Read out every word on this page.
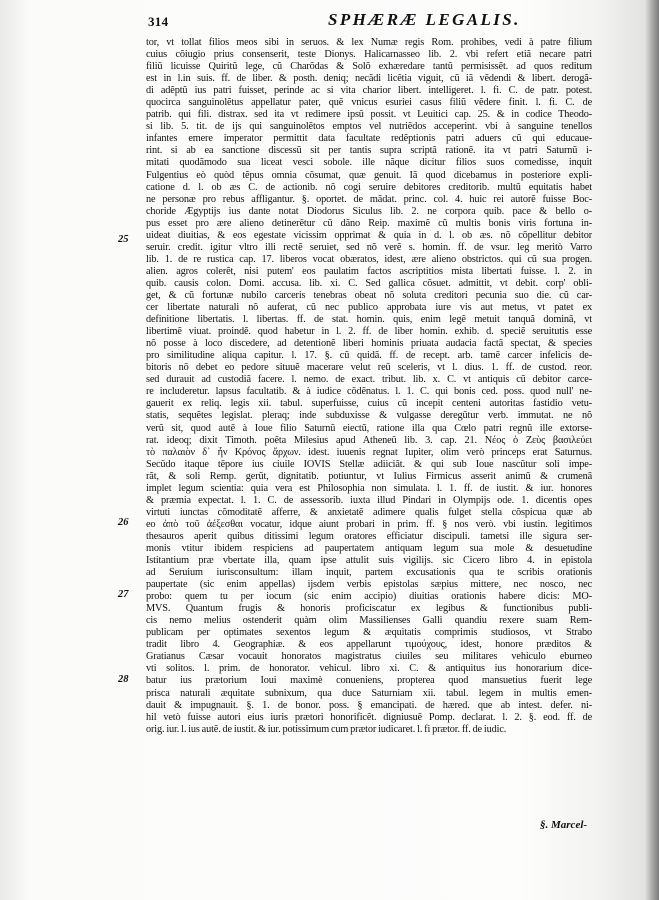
314	SPHÆRÆ LEGALIS.
25
26
27
28
tor, vt tollat filios meos sibi in seruos. & lex Numæ regis Rom. prohibes, vedi à patre filium
cuius cõiugio prius consenserit, teste Dionys. Halicarnasseo lib. 2. vbi refert etiã necare patri
filiũ licuisse Quiritũ lege, cũ Charõdas & Solõ exhæredare tantũ permisissẽt. ad quos reditum
est in l.in suis. ff. de liber. & posth. deniq; necãdi licẽtia viguit, cũ iã vẽdendi & libert. derogã-
di adẽptũ ius patri fuisset, perinde ac si vita charior libert. intelligeret. l. fi. C. de patr. potest.
quocirca sanguinolẽtus appellatur pater, quẽ vnicus esuriei casus filiũ vẽdere finit. l. fi. C. de
patrib. qui fili. distrax. sed ita vt redimere ipsũ possit. vt Leuitici cap. 25. & in codice Theodo-
si lib. 5. tit. de ijs qui sanguinolẽtos emptos vel nutriẽdos acceperint. vbi à sanguine tenellos
infantes emere imperator permittit data facultate redẽptionis patri aduers cũ qui educaue-
rint. si ab ea sanctione discessũ sit per tantis supra scriptã rationẽ. ita vt patri Saturnũ i-
mitati quodãmodo sua liceat vesci sobole. ille nãque dicitur filios suos comedisse, inquit
Fulgentius eò quòd tẽpus omnia cõsumat, quæ genuit. Iã quod dicebamus in posteriore expli-
catione d. l. ob æs C. de actionib. nõ cogi seruire debitores creditorib. multũ equitatis habet
ne personæ pro rebus affligantur. §. oportet. de mãdat. princ. col. 4. huic rei autorẽ fuisse Boc-
choride Ægyptijs ius dante notat Diodorus Siculus lib. 2. ne corpora quib. pace & bello o-
pus esset pro ære alieno detinerẽtur cũ dãno Reip. maximẽ cũ multis bonis viris fortuna in-
uideat diuitias, & eos egestate vicissim opprimat & quia in d. l. ob æs. nõ cõpellitur debitor
seruir. credit. igitur vltro illi rectẽ seruiet, sed nõ verẽ s. homin. ff. de vsur. leg meritò Varro
lib. 1. de re rustica cap. 17. liberos vocat obæratos, idest, ære alieno obstrictos. qui cũ sua progen.
alien. agros colerẽt, nisi putem' eos paulatim factos ascriptitios mista libertati fuisse. l. 2. in
quib. causis colon. Domi. accusa. lib. xi. C. Sed gallica cõsuet. admittit, vt debit. corp' obli-
get, & cũ fortunæ nubilo carceris tenebras obeat nõ soluta creditori pecunia suo die. cũ car-
cer libertate naturali nõ auferat, cũ nec publico approbata iure vis aut metus, vt patet ex
definitione libertatis. l. libertas. ff. de stat. homin. quis, enim legẽ metuit tanquã dominã, vt
libertimẽ viuat. proindẽ. quod habetur in l. 2. ff. de liber homin. exhib. d. speciẽ seruitutis esse
nõ posse à loco discedere, ad detentionẽ liberi hominis priuata audacia factã spectat, & species
pro similitudine aliqua capitur. l. 17. §. cũ quidã. ff. de recept. arb. tamẽ carcer infelicis de-
bitoris nõ debet eo pedore situuẽ macerare velut reũ sceleris, vt l. dius. 1. ff. de custod. reor.
sed durauit ad custodiã facere. l. nemo. de exact. tribut. lib. x. C. vt antiquis cũ debitor carce-
re includeretur. lapsus facultatib. & à iudice cõdẽnatus. l. 1. C. qui bonis ced. poss. quod null' ne-
gauerit ex reliq. legis xii. tabul. superfuisse, cuius cũ incepit centeni autoritas fastidio vetu-
statis, sequẽtes legislat. pleraq; inde subduxisse & vulgasse deregũtur verb. immutat. ne nõ
verũ sit, quod autẽ à Ioue filio Saturnũ eiectũ, ratione illa qua Cœlo patri regnũ ille extorse-
rat. ideoq; dixit Timoth. poẽta Milesius apud Atheneũ lib. 3. cap. 21. Νέος ὁ Ζεὺς βασιλεύει
τὸ παλαιὸν δ᾽ ἦν Κρόνος ἄρχων. idest. iuuenis regnat Iupiter, olim verò princeps erat Saturnus.
Secũdo itaque tẽpore ius ciuile IOVIS Stellæ adiiciãt. & qui sub Ioue nascũtur soli impe-
rãt, & soli Remp. gerũt, dignitatib. potiuntur, vt Iulius Firmicus asserit animũ & crumenã
implet legum scientia: quia vera est Philosophia non simulata. l. 1. ff. de iustit. & iur. honores
& præmia expectat. l. 1. C. de assessorib. iuxta illud Pindari in Olympijs ode. 1. dicentis opes
virtuti iunctas cõmoditatẽ afferre, & anxietatẽ adimere qualis fulget stella cõspicua quæ ab
eo ἀπὸ τοῦ ἀέξεσθαι vocatur, idque aiunt probari in prim. ff. § nos verò. vbi iustin. legitimos
thesauros aperit quibus ditissimi legum oratores efficiatur discipuli. tametsi ille sigura ser-
monis vtitur ibidem respiciens ad paupertatem antiquam legum sua mole & desuetudine
Istitantium præ vbertate illa, quam ipse attulit suis vigilijs. sic Cicero libro 4. in epistola
ad Seruium iurisconsultum: illam inquit, partem excusationis qua te scribis orationis
paupertate (sic enim appellas) ijsdem verbis epistolas sæpius mittere, nec nosco, nec
probo: quem tu per iocum (sic enim accipio) diuitias orationis habere dicis: MO-
MVS. Quantum frugis & honoris proficiscatur ex legibus & functionibus publi-
cis nemo melius ostenderit quàm olim Massilienses Galli quandiu rexere suam Rem-
publicam per optimates sexentos legum & æquitatis comprimis studiosos, vt Strabo
tradit libro 4. Geographiæ. & eos appellarunt τιμούχους, idest, honore præditos &
Gratianus Cæsar vocauit honoratos magistratus ciuiles seu militares vehiculo eburneo
vti solitos. l. prim. de honorator. vehicul. libro xi. C. & antiquitus ius honorarium dice-
batur ius prætorium Ioui maximè conueniens, propterea quod mansuetius fuerit lege
prisca naturali æquitate subnixum, qua duce Saturniam xii. tabul. legem in multis emen-
dauit & impugnauit. §. 1. de bonor. poss. § emancipati. de hæred. que ab intest. defer. ni-
hil vetò fuisse autori eius iuris prætori honorificẽt. digniusuẽ Pomp. declarat. l. 2. §. eod. ff. de
orig. iur. l. ius autẽ. de iustit. & iur. potissimum cum prætor iudicaret. l. fi prætor. ff. de iudic.
§. Marcel-
